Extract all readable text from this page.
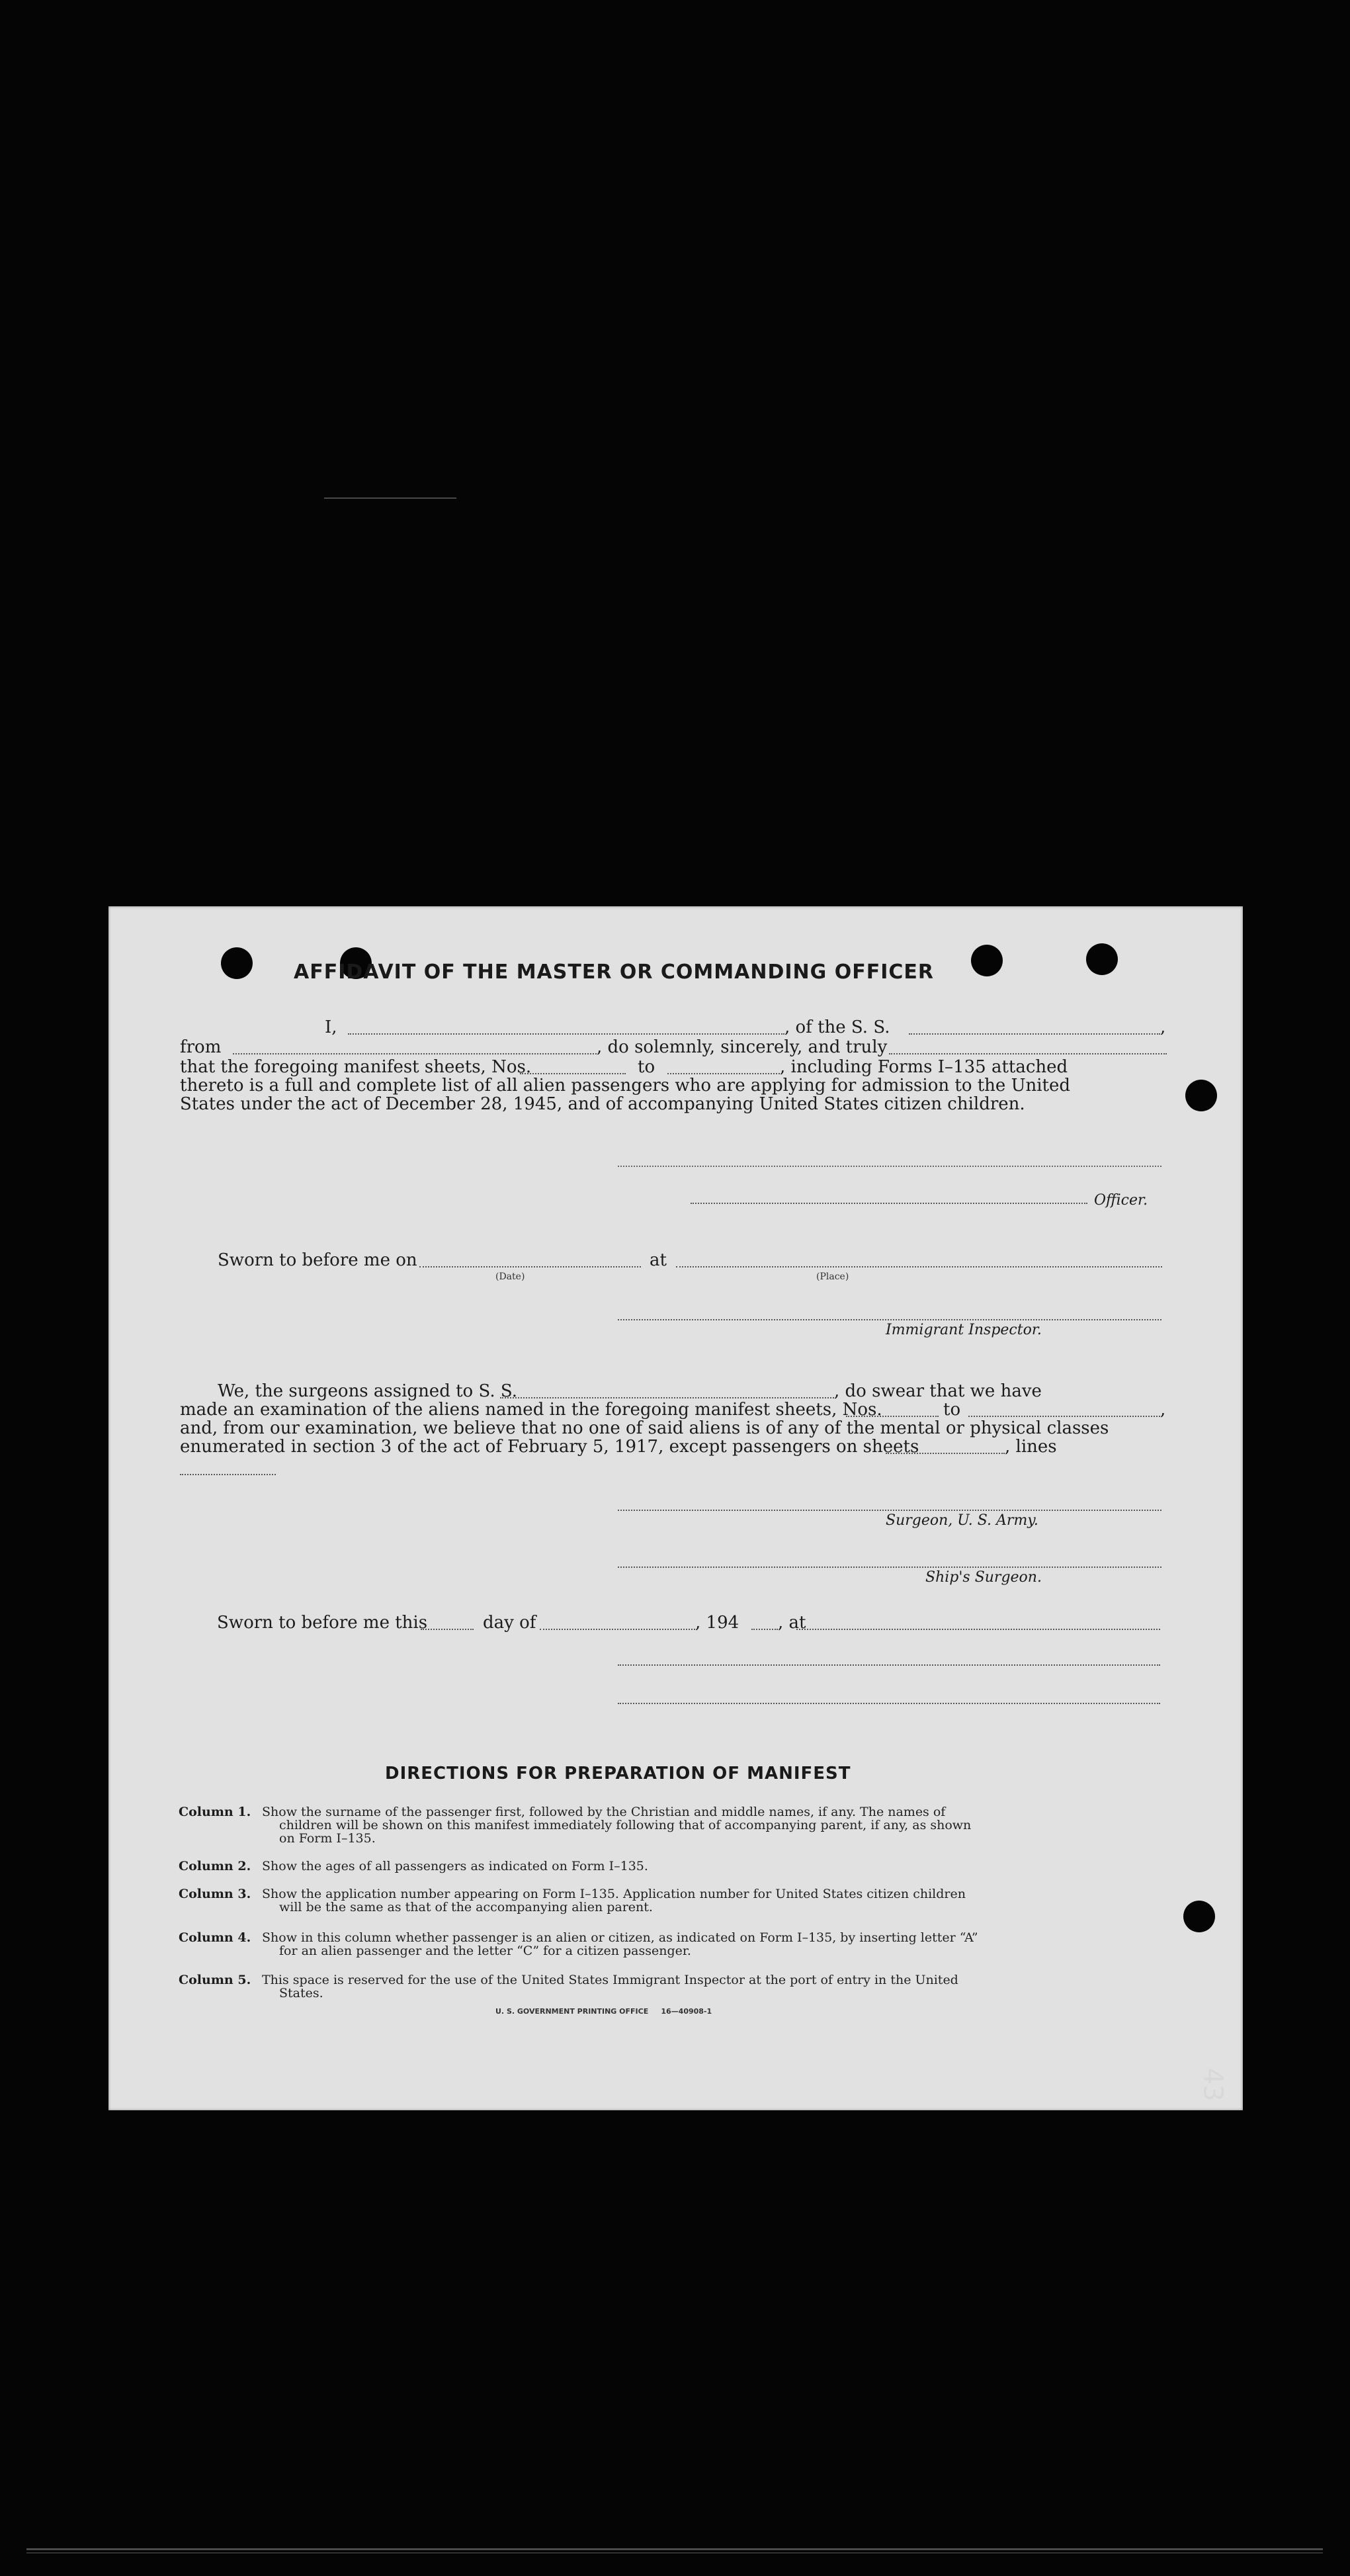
AFFIDAVIT OF THE MASTER OR COMMANDING OFFICER
I,	, of the S. S.	,
from	, do solemnly, sincerely, and truly
that the foregoing manifest sheets, Nos.	to	, including Forms I–135 attached
thereto is a full and complete list of all alien passengers who are applying for admission to the United
States under the act of December 28, 1945, and of accompanying United States citizen children.
Officer.
Sworn to before me on
(Date)
at
(Place)
Immigrant Inspector.
We, the surgeons assigned to S. S.	, do swear that we have
made an examination of the aliens named in the foregoing manifest sheets, Nos.	to	,
and, from our examination, we believe that no one of said aliens is of any of the mental or physical classes
enumerated in section 3 of the act of February 5, 1917, except passengers on sheets	, lines
Surgeon, U. S. Army.
Ship's Surgeon.
Sworn to before me this	day of	, 194 , at
DIRECTIONS FOR PREPARATION OF MANIFEST
Column 1. Show the surname of the passenger first, followed by the Christian and middle names, if any. The names of
children will be shown on this manifest immediately following that of accompanying parent, if any, as shown
on Form I–135.
Column 2. Show the ages of all passengers as indicated on Form I–135.
Column 3. Show the application number appearing on Form I–135. Application number for United States citizen children
will be the same as that of the accompanying alien parent.
Column 4. Show in this column whether passenger is an alien or citizen, as indicated on Form I–135, by inserting letter “A”
for an alien passenger and the letter “C” for a citizen passenger.
Column 5. This space is reserved for the use of the United States Immigrant Inspector at the port of entry in the United
States.
U. S. GOVERNMENT PRINTING OFFICE     16—40908-1
43
